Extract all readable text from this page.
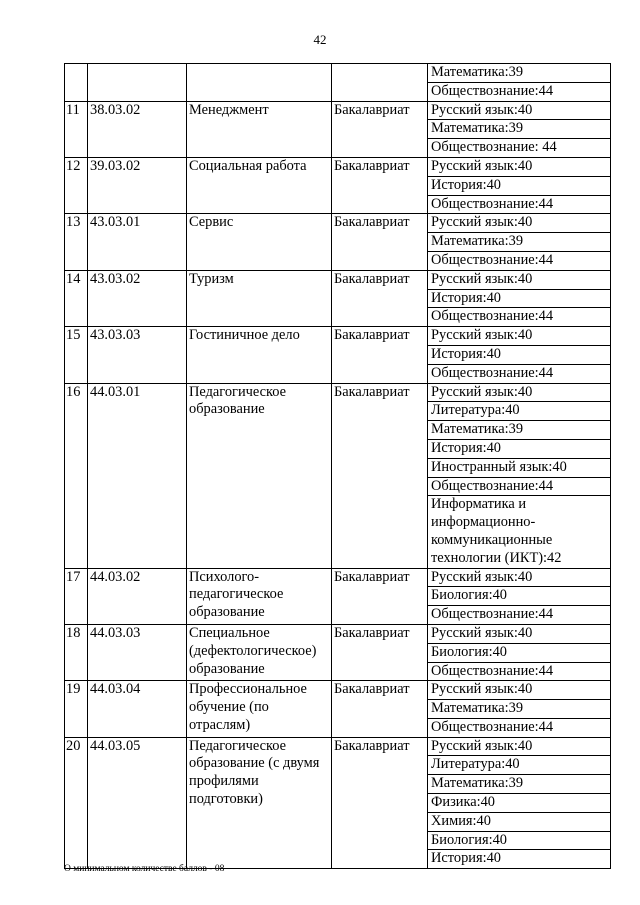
42
				Математика:39
				Обществознание:44
11	38.03.02	Менеджмент	Бакалавриат	Русский язык:40
				Математика:39
				Обществознание: 44
12	39.03.02	Социальная работа	Бакалавриат	Русский язык:40
				История:40
				Обществознание:44
13	43.03.01	Сервис	Бакалавриат	Русский язык:40
				Математика:39
				Обществознание:44
14	43.03.02	Туризм	Бакалавриат	Русский язык:40
				История:40
				Обществознание:44
15	43.03.03	Гостиничное дело	Бакалавриат	Русский язык:40
				История:40
				Обществознание:44
16	44.03.01	Педагогическое образование	Бакалавриат	Русский язык:40
				Литература:40
				Математика:39
				История:40
				Иностранный язык:40
				Обществознание:44
				Информатика и информационно-коммуникационные технологии (ИКТ):42
17	44.03.02	Психолого-педагогическое образование	Бакалавриат	Русский язык:40
				Биология:40
				Обществознание:44
18	44.03.03	Специальное (дефектологическое) образование	Бакалавриат	Русский язык:40
				Биология:40
				Обществознание:44
19	44.03.04	Профессиональное обучение (по отраслям)	Бакалавриат	Русский язык:40
				Математика:39
				Обществознание:44
20	44.03.05	Педагогическое образование (с двумя профилями подготовки)	Бакалавриат	Русский язык:40
				Литература:40
				Математика:39
				Физика:40
				Химия:40
				Биология:40
				История:40
О минимальном количестве баллов - 08
